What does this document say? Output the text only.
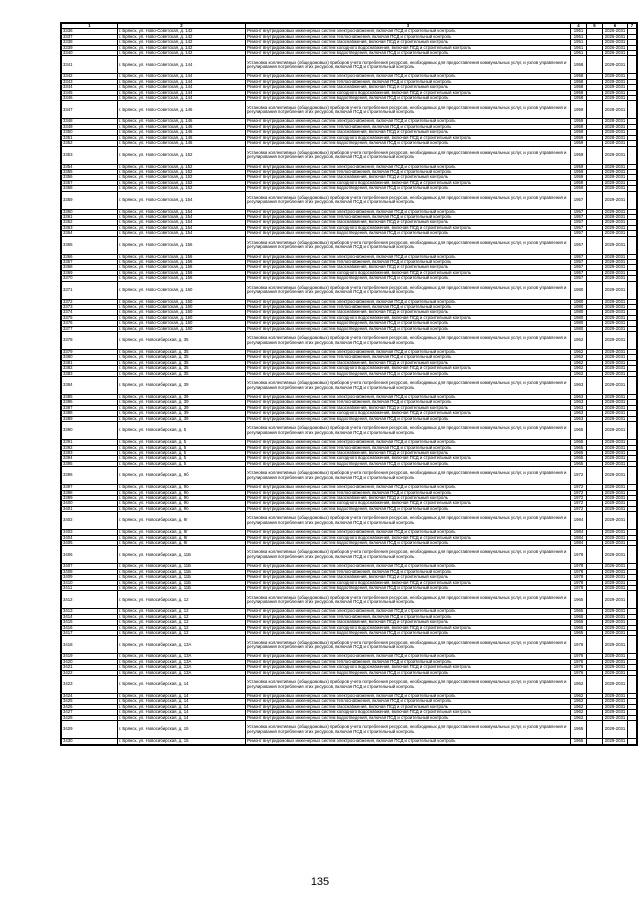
1	2	3	4	5	6	7
3336	г. Брянск, ул. Ново-Советская, д. 142	Ремонт внутридомовых инженерных систем электроснабжения, включая ПСД и строительный контроль	1951		2026-2031	
3337	г. Брянск, ул. Ново-Советская, д. 142	Ремонт внутридомовых инженерных систем теплоснабжения, включая ПСД и строительный контроль	1951		2026-2031	
3338	г. Брянск, ул. Ново-Советская, д. 142	Ремонт внутридомовых инженерных систем газоснабжения, включая ПСД и строительный контроль	1951		2026-2031	
3339	г. Брянск, ул. Ново-Советская, д. 142	Ремонт внутридомовых инженерных систем холодного водоснабжения, включая ПСД и строительный контроль	1951		2026-2031	
3340	г. Брянск, ул. Ново-Советская, д. 142	Ремонт внутридомовых инженерных систем водоотведения, включая ПСД и строительный контроль	1951		2026-2031	
3341	г. Брянск, ул. Ново-Советская, д. 144	Установка коллективных (общедомовых) приборов учета потребления ресурсов, необходимых для предоставления коммунальных услуг, и узлов управления и регулирования потребления этих ресурсов, включая ПСД и строительный контроль	1958		2029-2031	
3342	г. Брянск, ул. Ново-Советская, д. 144	Ремонт внутридомовых инженерных систем электроснабжения, включая ПСД и строительный контроль	1958		2029-2031	
3343	г. Брянск, ул. Ново-Советская, д. 144	Ремонт внутридомовых инженерных систем теплоснабжения, включая ПСД и строительный контроль	1958		2029-2031	
3344	г. Брянск, ул. Ново-Советская, д. 144	Ремонт внутридомовых инженерных систем газоснабжения, включая ПСД и строительный контроль	1958		2029-2031	
3345	г. Брянск, ул. Ново-Советская, д. 144	Ремонт внутридомовых инженерных систем холодного водоснабжения, включая ПСД и строительный контроль	1958		2029-2031	
3346	г. Брянск, ул. Ново-Советская, д. 144	Ремонт внутридомовых инженерных систем водоотведения, включая ПСД и строительный контроль	1958		2029-2031	
3347	г. Брянск, ул. Ново-Советская, д. 146	Установка коллективных (общедомовых) приборов учета потребления ресурсов, необходимых для предоставления коммунальных услуг, и узлов управления и регулирования потребления этих ресурсов, включая ПСД и строительный контроль	1959		2028-2031	
3348	г. Брянск, ул. Ново-Советская, д. 146	Ремонт внутридомовых инженерных систем электроснабжения, включая ПСД и строительный контроль	1959		2028-2031	
3349	г. Брянск, ул. Ново-Советская, д. 146	Ремонт внутридомовых инженерных систем теплоснабжения, включая ПСД и строительный контроль	1959		2028-2031	
3350	г. Брянск, ул. Ново-Советская, д. 146	Ремонт внутридомовых инженерных систем газоснабжения, включая ПСД и строительный контроль	1959		2028-2031	
3351	г. Брянск, ул. Ново-Советская, д. 146	Ремонт внутридомовых инженерных систем холодного водоснабжения, включая ПСД и строительный контроль	1959		2028-2031	
3352	г. Брянск, ул. Ново-Советская, д. 146	Ремонт внутридомовых инженерных систем водоотведения, включая ПСД и строительный контроль	1959		2028-2031	
3353	г. Брянск, ул. Ново-Советская, д. 152	Установка коллективных (общедомовых) приборов учета потребления ресурсов, необходимых для предоставления коммунальных услуг, и узлов управления и регулирования потребления этих ресурсов, включая ПСД и строительный контроль	1959		2029-2031	
3354	г. Брянск, ул. Ново-Советская, д. 152	Ремонт внутридомовых инженерных систем электроснабжения, включая ПСД и строительный контроль	1959		2029-2031	
3355	г. Брянск, ул. Ново-Советская, д. 152	Ремонт внутридомовых инженерных систем теплоснабжения, включая ПСД и строительный контроль	1959		2029-2031	
3356	г. Брянск, ул. Ново-Советская, д. 152	Ремонт внутридомовых инженерных систем газоснабжения, включая ПСД и строительный контроль	1959		2029-2031	
3357	г. Брянск, ул. Ново-Советская, д. 152	Ремонт внутридомовых инженерных систем холодного водоснабжения, включая ПСД и строительный контроль	1959		2029-2031	
3358	г. Брянск, ул. Ново-Советская, д. 152	Ремонт внутридомовых инженерных систем водоотведения, включая ПСД и строительный контроль	1959		2029-2031	
3359	г. Брянск, ул. Ново-Советская, д. 154	Установка коллективных (общедомовых) приборов учета потребления ресурсов, необходимых для предоставления коммунальных услуг, и узлов управления и регулирования потребления этих ресурсов, включая ПСД и строительный контроль	1957		2029-2031	
3360	г. Брянск, ул. Ново-Советская, д. 154	Ремонт внутридомовых инженерных систем электроснабжения, включая ПСД и строительный контроль	1957		2029-2031	
3361	г. Брянск, ул. Ново-Советская, д. 154	Ремонт внутридомовых инженерных систем теплоснабжения, включая ПСД и строительный контроль	1957		2029-2031	
3362	г. Брянск, ул. Ново-Советская, д. 154	Ремонт внутридомовых инженерных систем газоснабжения, включая ПСД и строительный контроль	1957		2029-2031	
3363	г. Брянск, ул. Ново-Советская, д. 154	Ремонт внутридомовых инженерных систем холодного водоснабжения, включая ПСД и строительный контроль	1957		2029-2031	
3364	г. Брянск, ул. Ново-Советская, д. 154	Ремонт внутридомовых инженерных систем водоотведения, включая ПСД и строительный контроль	1957		2029-2031	
3365	г. Брянск, ул. Ново-Советская, д. 156	Установка коллективных (общедомовых) приборов учета потребления ресурсов, необходимых для предоставления коммунальных услуг, и узлов управления и регулирования потребления этих ресурсов, включая ПСД и строительный контроль	1957		2029-2031	
3366	г. Брянск, ул. Ново-Советская, д. 156	Ремонт внутридомовых инженерных систем электроснабжения, включая ПСД и строительный контроль	1957		2029-2031	
3367	г. Брянск, ул. Ново-Советская, д. 156	Ремонт внутридомовых инженерных систем теплоснабжения, включая ПСД и строительный контроль	1957		2029-2031	
3368	г. Брянск, ул. Ново-Советская, д. 156	Ремонт внутридомовых инженерных систем газоснабжения, включая ПСД и строительный контроль	1957		2029-2031	
3369	г. Брянск, ул. Ново-Советская, д. 156	Ремонт внутридомовых инженерных систем холодного водоснабжения, включая ПСД и строительный контроль	1957		2029-2031	
3370	г. Брянск, ул. Ново-Советская, д. 156	Ремонт внутридомовых инженерных систем водоотведения, включая ПСД и строительный контроль	1957		2029-2031	
3371	г. Брянск, ул. Ново-Советская, д. 160	Установка коллективных (общедомовых) приборов учета потребления ресурсов, необходимых для предоставления коммунальных услуг, и узлов управления и регулирования потребления этих ресурсов, включая ПСД и строительный контроль	1980		2029-2031	
3372	г. Брянск, ул. Ново-Советская, д. 160	Ремонт внутридомовых инженерных систем электроснабжения, включая ПСД и строительный контроль	1980		2029-2031	
3373	г. Брянск, ул. Ново-Советская, д. 160	Ремонт внутридомовых инженерных систем теплоснабжения, включая ПСД и строительный контроль	1980		2029-2031	
3374	г. Брянск, ул. Ново-Советская, д. 160	Ремонт внутридомовых инженерных систем газоснабжения, включая ПСД и строительный контроль	1980		2029-2031	
3375	г. Брянск, ул. Ново-Советская, д. 160	Ремонт внутридомовых инженерных систем холодного водоснабжения, включая ПСД и строительный контроль	1980		2029-2031	
3376	г. Брянск, ул. Ново-Советская, д. 160	Ремонт внутридомовых инженерных систем водоотведения, включая ПСД и строительный контроль	1980		2029-2031	
3377	г. Брянск, ул. Ново-Советская, д. 160	Ремонт внутридомовых инженерных систем водоотведения, включая ПСД и строительный контроль	1980		2029-2031	
3378	г. Брянск, ул. Новосибирская, д. 35	Установка коллективных (общедомовых) приборов учета потребления ресурсов, необходимых для предоставления коммунальных услуг, и узлов управления и регулирования потребления этих ресурсов, включая ПСД и строительный контроль	1962		2029-2031	
3379	г. Брянск, ул. Новосибирская, д. 35	Ремонт внутридомовых инженерных систем электроснабжения, включая ПСД и строительный контроль	1962		2029-2031	
3380	г. Брянск, ул. Новосибирская, д. 35	Ремонт внутридомовых инженерных систем теплоснабжения, включая ПСД и строительный контроль	1962		2029-2031	
3381	г. Брянск, ул. Новосибирская, д. 35	Ремонт внутридомовых инженерных систем газоснабжения, включая ПСД и строительный контроль	1962		2029-2031	
3382	г. Брянск, ул. Новосибирская, д. 35	Ремонт внутридомовых инженерных систем холодного водоснабжения, включая ПСД и строительный контроль	1962		2029-2031	
3383	г. Брянск, ул. Новосибирская, д. 35	Ремонт внутридомовых инженерных систем водоотведения, включая ПСД и строительный контроль	1962		2029-2031	
3384	г. Брянск, ул. Новосибирская, д. 39	Установка коллективных (общедомовых) приборов учета потребления ресурсов, необходимых для предоставления коммунальных услуг, и узлов управления и регулирования потребления этих ресурсов, включая ПСД и строительный контроль	1963		2029-2031	
3385	г. Брянск, ул. Новосибирская, д. 39	Ремонт внутридомовых инженерных систем электроснабжения, включая ПСД и строительный контроль	1963		2029-2031	
3386	г. Брянск, ул. Новосибирская, д. 39	Ремонт внутридомовых инженерных систем теплоснабжения, включая ПСД и строительный контроль	1963		2029-2031	
3387	г. Брянск, ул. Новосибирская, д. 39	Ремонт внутридомовых инженерных систем газоснабжения, включая ПСД и строительный контроль	1963		2029-2031	
3388	г. Брянск, ул. Новосибирская, д. 39	Ремонт внутридомовых инженерных систем холодного водоснабжения, включая ПСД и строительный контроль	1963		2029-2031	
3389	г. Брянск, ул. Новосибирская, д. 39	Ремонт внутридомовых инженерных систем водоотведения, включая ПСД и строительный контроль	1963		2029-2031	
3390	г. Брянск, ул. Новосибирская, д. 5	Установка коллективных (общедомовых) приборов учета потребления ресурсов, необходимых для предоставления коммунальных услуг, и узлов управления и регулирования потребления этих ресурсов, включая ПСД и строительный контроль	1965		2029-2031	
3391	г. Брянск, ул. Новосибирская, д. 5	Ремонт внутридомовых инженерных систем электроснабжения, включая ПСД и строительный контроль	1965		2029-2031	
3392	г. Брянск, ул. Новосибирская, д. 5	Ремонт внутридомовых инженерных систем теплоснабжения, включая ПСД и строительный контроль	1965		2029-2031	
3393	г. Брянск, ул. Новосибирская, д. 5	Ремонт внутридомовых инженерных систем газоснабжения, включая ПСД и строительный контроль	1965		2029-2031	
3394	г. Брянск, ул. Новосибирская, д. 5	Ремонт внутридомовых инженерных систем холодного водоснабжения, включая ПСД и строительный контроль	1965		2029-2031	
3395	г. Брянск, ул. Новосибирская, д. 5	Ремонт внутридомовых инженерных систем водоотведения, включая ПСД и строительный контроль	1965		2029-2031	
3396	г. Брянск, ул. Новосибирская, д. 9б	Установка коллективных (общедомовых) приборов учета потребления ресурсов, необходимых для предоставления коммунальных услуг, и узлов управления и регулирования потребления этих ресурсов, включая ПСД и строительный контроль	1972		2029-2031	
3397	г. Брянск, ул. Новосибирская, д. 9б	Ремонт внутридомовых инженерных систем электроснабжения, включая ПСД и строительный контроль	1972		2029-2031	
3398	г. Брянск, ул. Новосибирская, д. 9б	Ремонт внутридомовых инженерных систем теплоснабжения, включая ПСД и строительный контроль	1972		2029-2031	
3399	г. Брянск, ул. Новосибирская, д. 9б	Ремонт внутридомовых инженерных систем газоснабжения, включая ПСД и строительный контроль	1972		2029-2031	
3400	г. Брянск, ул. Новосибирская, д. 9б	Ремонт внутридомовых инженерных систем холодного водоснабжения, включая ПСД и строительный контроль	1972		2029-2031	
3401	г. Брянск, ул. Новосибирская, д. 9б	Ремонт внутридомовых инженерных систем водоотведения, включая ПСД и строительный контроль	1972		2029-2031	
3402	г. Брянск, ул. Новосибирская, д. 9г	Установка коллективных (общедомовых) приборов учета потребления ресурсов, необходимых для предоставления коммунальных услуг, и узлов управления и регулирования потребления этих ресурсов, включая ПСД и строительный контроль	1984		2029-2031	
3403	г. Брянск, ул. Новосибирская, д. 9г	Ремонт внутридомовых инженерных систем электроснабжения, включая ПСД и строительный контроль	1984		2029-2031	
3404	г. Брянск, ул. Новосибирская, д. 9г	Ремонт внутридомовых инженерных систем холодного водоснабжения, включая ПСД и строительный контроль	1984		2029-2031	
3405	г. Брянск, ул. Новосибирская, д. 9г	Ремонт внутридомовых инженерных систем водоотведения, включая ПСД и строительный контроль	1984		2029-2031	
3406	г. Брянск, ул. Новосибирская, д. 11Б	Установка коллективных (общедомовых) приборов учета потребления ресурсов, необходимых для предоставления коммунальных услуг, и узлов управления и регулирования потребления этих ресурсов, включая ПСД и строительный контроль	1978		2029-2031	
3407	г. Брянск, ул. Новосибирская, д. 11Б	Ремонт внутридомовых инженерных систем электроснабжения, включая ПСД и строительный контроль	1978		2026-2031	
3408	г. Брянск, ул. Новосибирская, д. 11Б	Ремонт внутридомовых инженерных систем теплоснабжения, включая ПСД и строительный контроль	1978		2029-2031	
3409	г. Брянск, ул. Новосибирская, д. 11Б	Ремонт внутридомовых инженерных систем газоснабжения, включая ПСД и строительный контроль	1978		2029-2031	
3410	г. Брянск, ул. Новосибирская, д. 11Б	Ремонт внутридомовых инженерных систем холодного водоснабжения, включая ПСД и строительный контроль	1978		2029-2031	
3411	г. Брянск, ул. Новосибирская, д. 11Б	Ремонт внутридомовых инженерных систем водоотведения, включая ПСД и строительный контроль	1978		2029-2031	
3412	г. Брянск, ул. Новосибирская, д. 12	Установка коллективных (общедомовых) приборов учета потребления ресурсов, необходимых для предоставления коммунальных услуг, и узлов управления и регулирования потребления этих ресурсов, включая ПСД и строительный контроль	1965		2029-2031	
3413	г. Брянск, ул. Новосибирская, д. 12	Ремонт внутридомовых инженерных систем электроснабжения, включая ПСД и строительный контроль	1965		2029-2031	
3414	г. Брянск, ул. Новосибирская, д. 12	Ремонт внутридомовых инженерных систем теплоснабжения, включая ПСД и строительный контроль	1965		2029-2031	
3415	г. Брянск, ул. Новосибирская, д. 12	Ремонт внутридомовых инженерных систем газоснабжения, включая ПСД и строительный контроль	1965		2029-2031	
3416	г. Брянск, ул. Новосибирская, д. 12	Ремонт внутридомовых инженерных систем холодного водоснабжения, включая ПСД и строительный контроль	1965		2029-2031	
3417	г. Брянск, ул. Новосибирская, д. 12	Ремонт внутридомовых инженерных систем водоотведения, включая ПСД и строительный контроль	1965		2029-2031	
3418	г. Брянск, ул. Новосибирская, д. 13А	Установка коллективных (общедомовых) приборов учета потребления ресурсов, необходимых для предоставления коммунальных услуг, и узлов управления и регулирования потребления этих ресурсов, включая ПСД и строительный контроль	1976		2029-2031	
3419	г. Брянск, ул. Новосибирская, д. 13А	Ремонт внутридомовых инженерных систем электроснабжения, включая ПСД и строительный контроль	1976		2029-2031	
3420	г. Брянск, ул. Новосибирская, д. 13А	Ремонт внутридомовых инженерных систем теплоснабжения, включая ПСД и строительный контроль	1976		2029-2031	
3421	г. Брянск, ул. Новосибирская, д. 13А	Ремонт внутридомовых инженерных систем холодного водоснабжения, включая ПСД и строительный контроль	1976		2029-2031	
3422	г. Брянск, ул. Новосибирская, д. 13А	Ремонт внутридомовых инженерных систем водоотведения, включая ПСД и строительный контроль	1976		2029-2031	
3423	г. Брянск, ул. Новосибирская, д. 14	Установка коллективных (общедомовых) приборов учета потребления ресурсов, необходимых для предоставления коммунальных услуг, и узлов управления и регулирования потребления этих ресурсов, включая ПСД и строительный контроль	1962		2029-2031	
3424	г. Брянск, ул. Новосибирская, д. 14	Ремонт внутридомовых инженерных систем электроснабжения, включая ПСД и строительный контроль	1962		2029-2031	
3425	г. Брянск, ул. Новосибирская, д. 14	Ремонт внутридомовых инженерных систем теплоснабжения, включая ПСД и строительный контроль	1962		2029-2031	
3426	г. Брянск, ул. Новосибирская, д. 14	Ремонт внутридомовых инженерных систем газоснабжения, включая ПСД и строительный контроль	1962		2029-2031	
3427	г. Брянск, ул. Новосибирская, д. 14	Ремонт внутридомовых инженерных систем холодного водоснабжения, включая ПСД и строительный контроль	1962		2029-2031	
3428	г. Брянск, ул. Новосибирская, д. 14	Ремонт внутридомовых инженерных систем водоотведения, включая ПСД и строительный контроль	1962		2029-2031	
3429	г. Брянск, ул. Новосибирская, д. 15	Установка коллективных (общедомовых) приборов учета потребления ресурсов, необходимых для предоставления коммунальных услуг, и узлов управления и регулирования потребления этих ресурсов, включая ПСД и строительный контроль	1965		2029-2031	
3430	г. Брянск, ул. Новосибирская, д. 15	Ремонт внутридомовых инженерных систем электроснабжения, включая ПСД и строительный контроль	1965		2029-2031	
135
